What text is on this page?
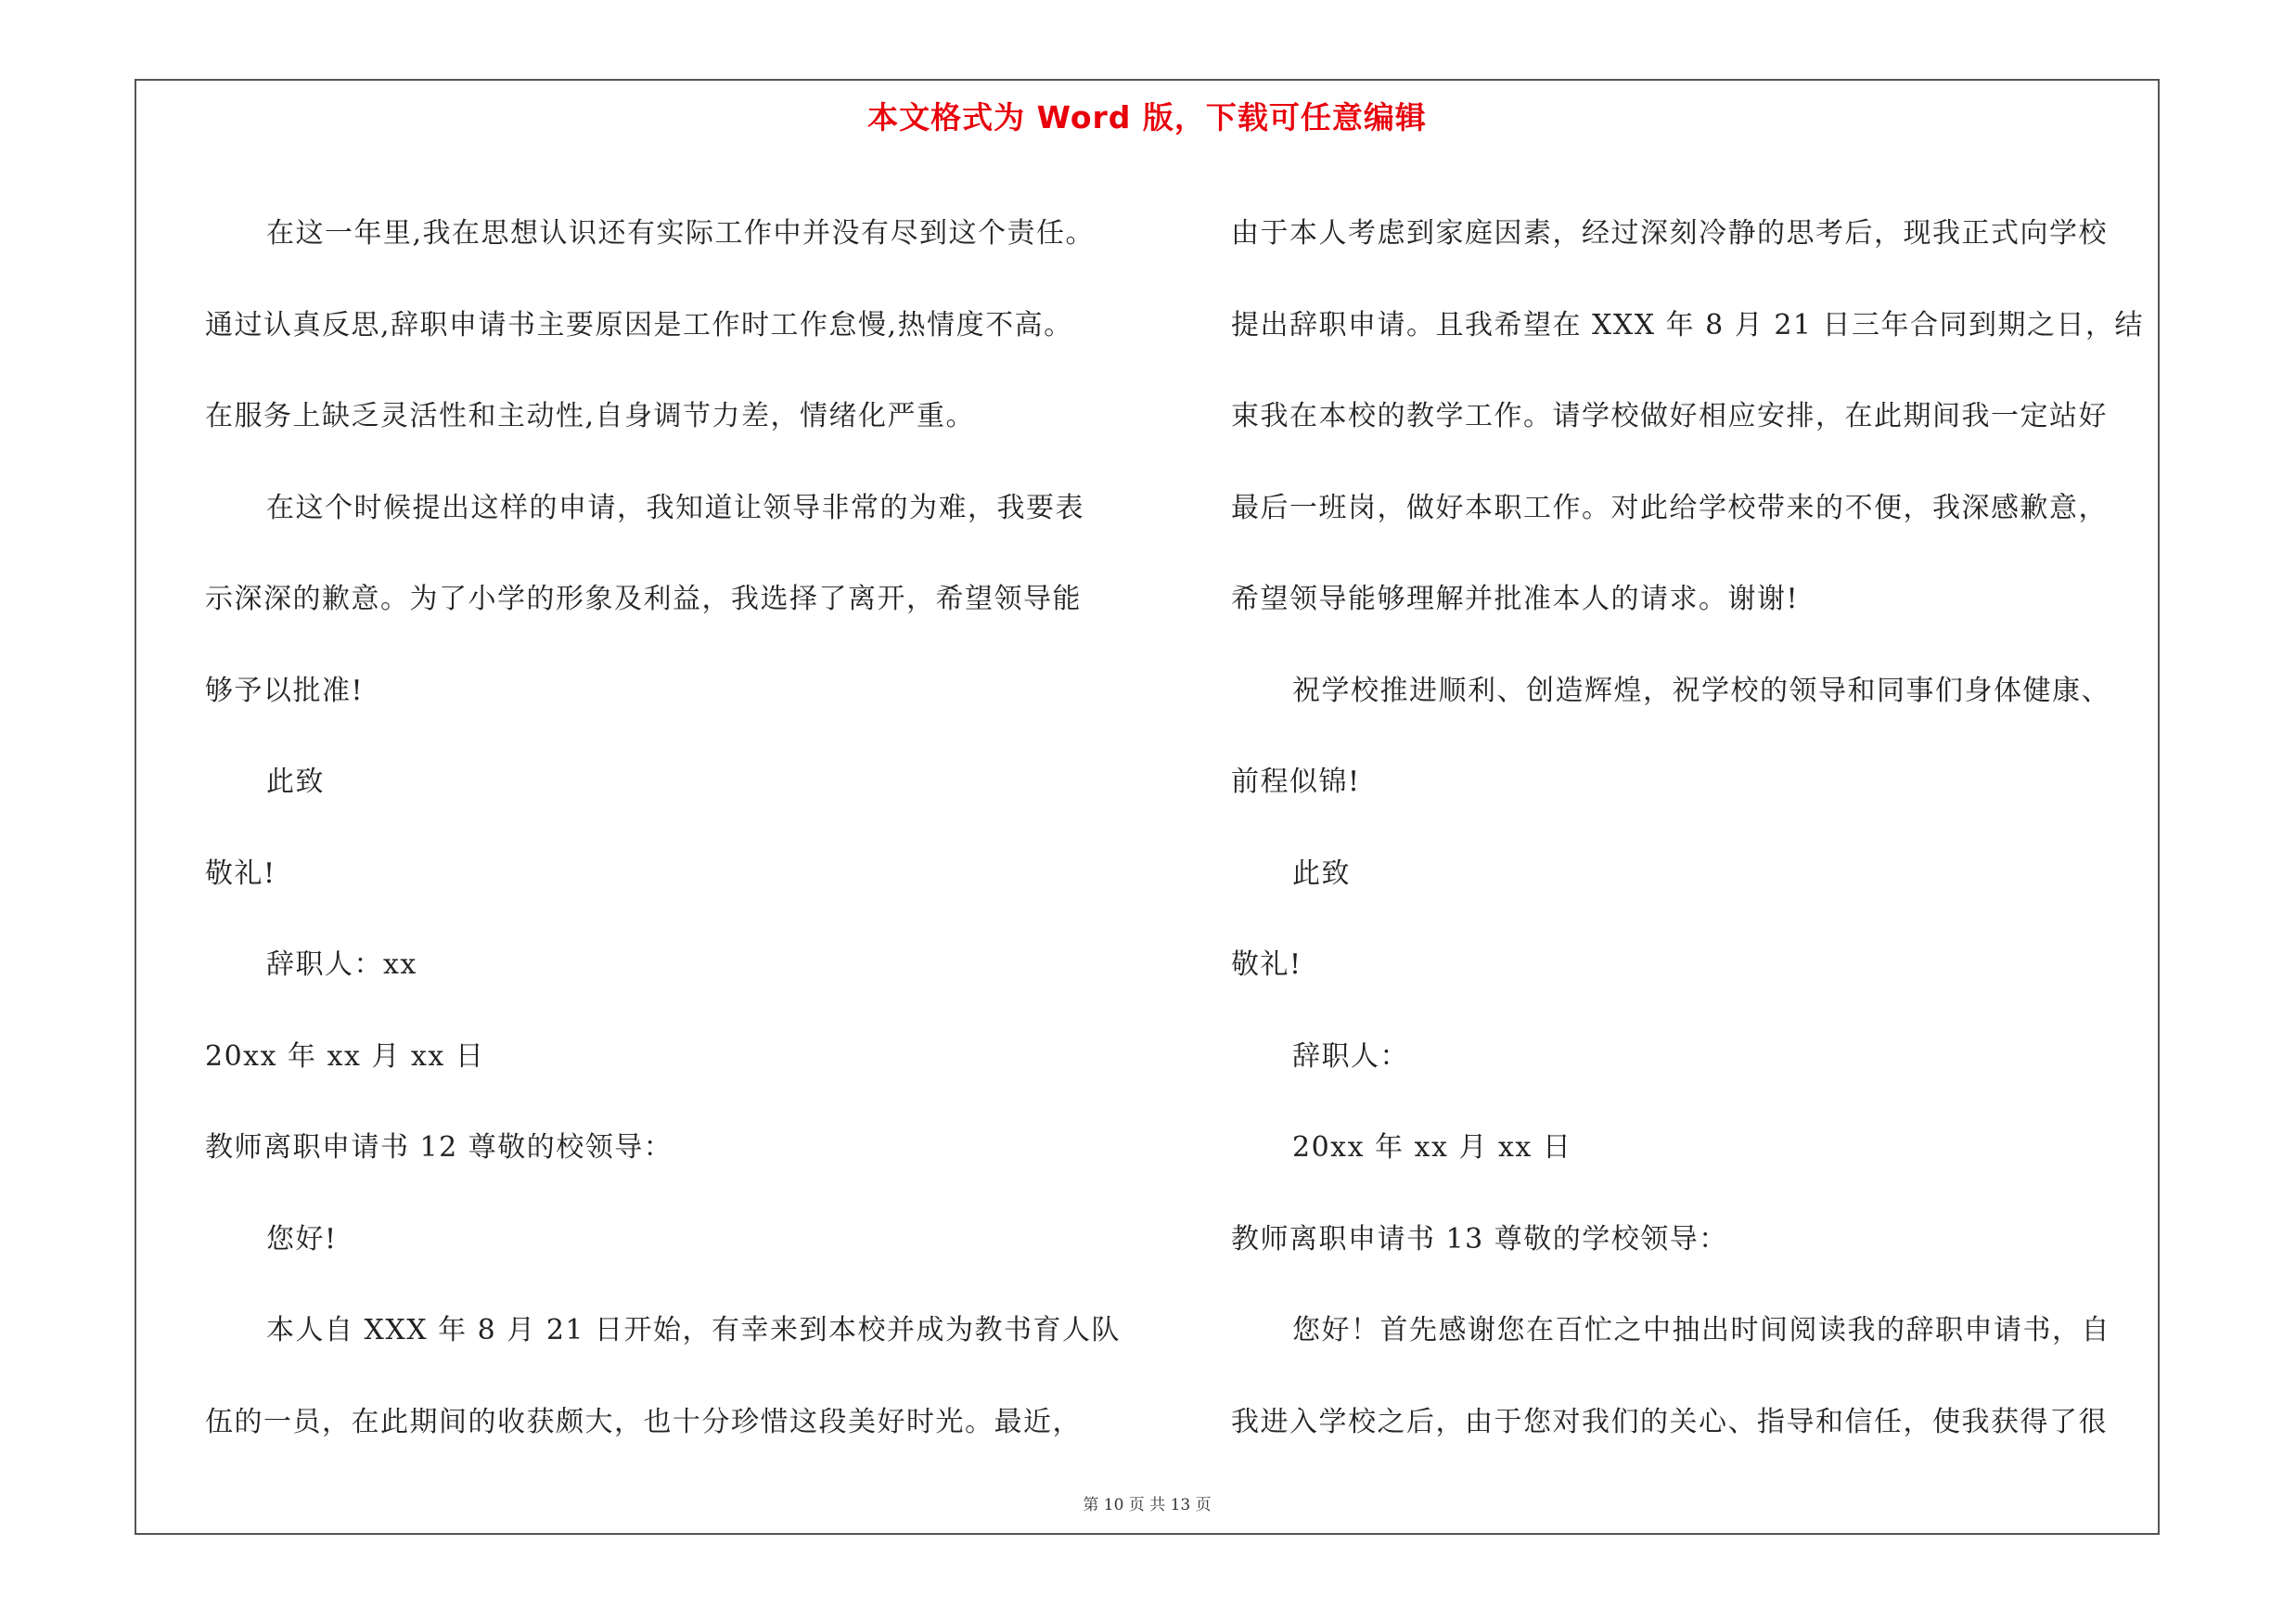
本文格式为 Word 版，下载可任意编辑
在这一年里,我在思想认识还有实际工作中并没有尽到这个责任。
通过认真反思,辞职申请书主要原因是工作时工作怠慢,热情度不高。
在服务上缺乏灵活性和主动性,自身调节力差，情绪化严重。
在这个时候提出这样的申请，我知道让领导非常的为难，我要表
示深深的歉意。为了小学的形象及利益，我选择了离开，希望领导能
够予以批准!
此致
敬礼!
辞职人：xx
20xx 年 xx 月 xx 日
教师离职申请书 12 尊敬的校领导：
您好!
本人自 XXX 年 8 月 21 日开始，有幸来到本校并成为教书育人队
伍的一员，在此期间的收获颇大，也十分珍惜这段美好时光。最近，
由于本人考虑到家庭因素，经过深刻冷静的思考后，现我正式向学校
提出辞职申请。且我希望在 XXX 年 8 月 21 日三年合同到期之日，结
束我在本校的教学工作。请学校做好相应安排，在此期间我一定站好
最后一班岗，做好本职工作。对此给学校带来的不便，我深感歉意，
希望领导能够理解并批准本人的请求。谢谢!
祝学校推进顺利、创造辉煌，祝学校的领导和同事们身体健康、
前程似锦!
此致
敬礼!
辞职人：
20xx 年 xx 月 xx 日
教师离职申请书 13 尊敬的学校领导：
您好！首先感谢您在百忙之中抽出时间阅读我的辞职申请书，自
我进入学校之后，由于您对我们的关心、指导和信任，使我获得了很
第 10 页 共 13 页
